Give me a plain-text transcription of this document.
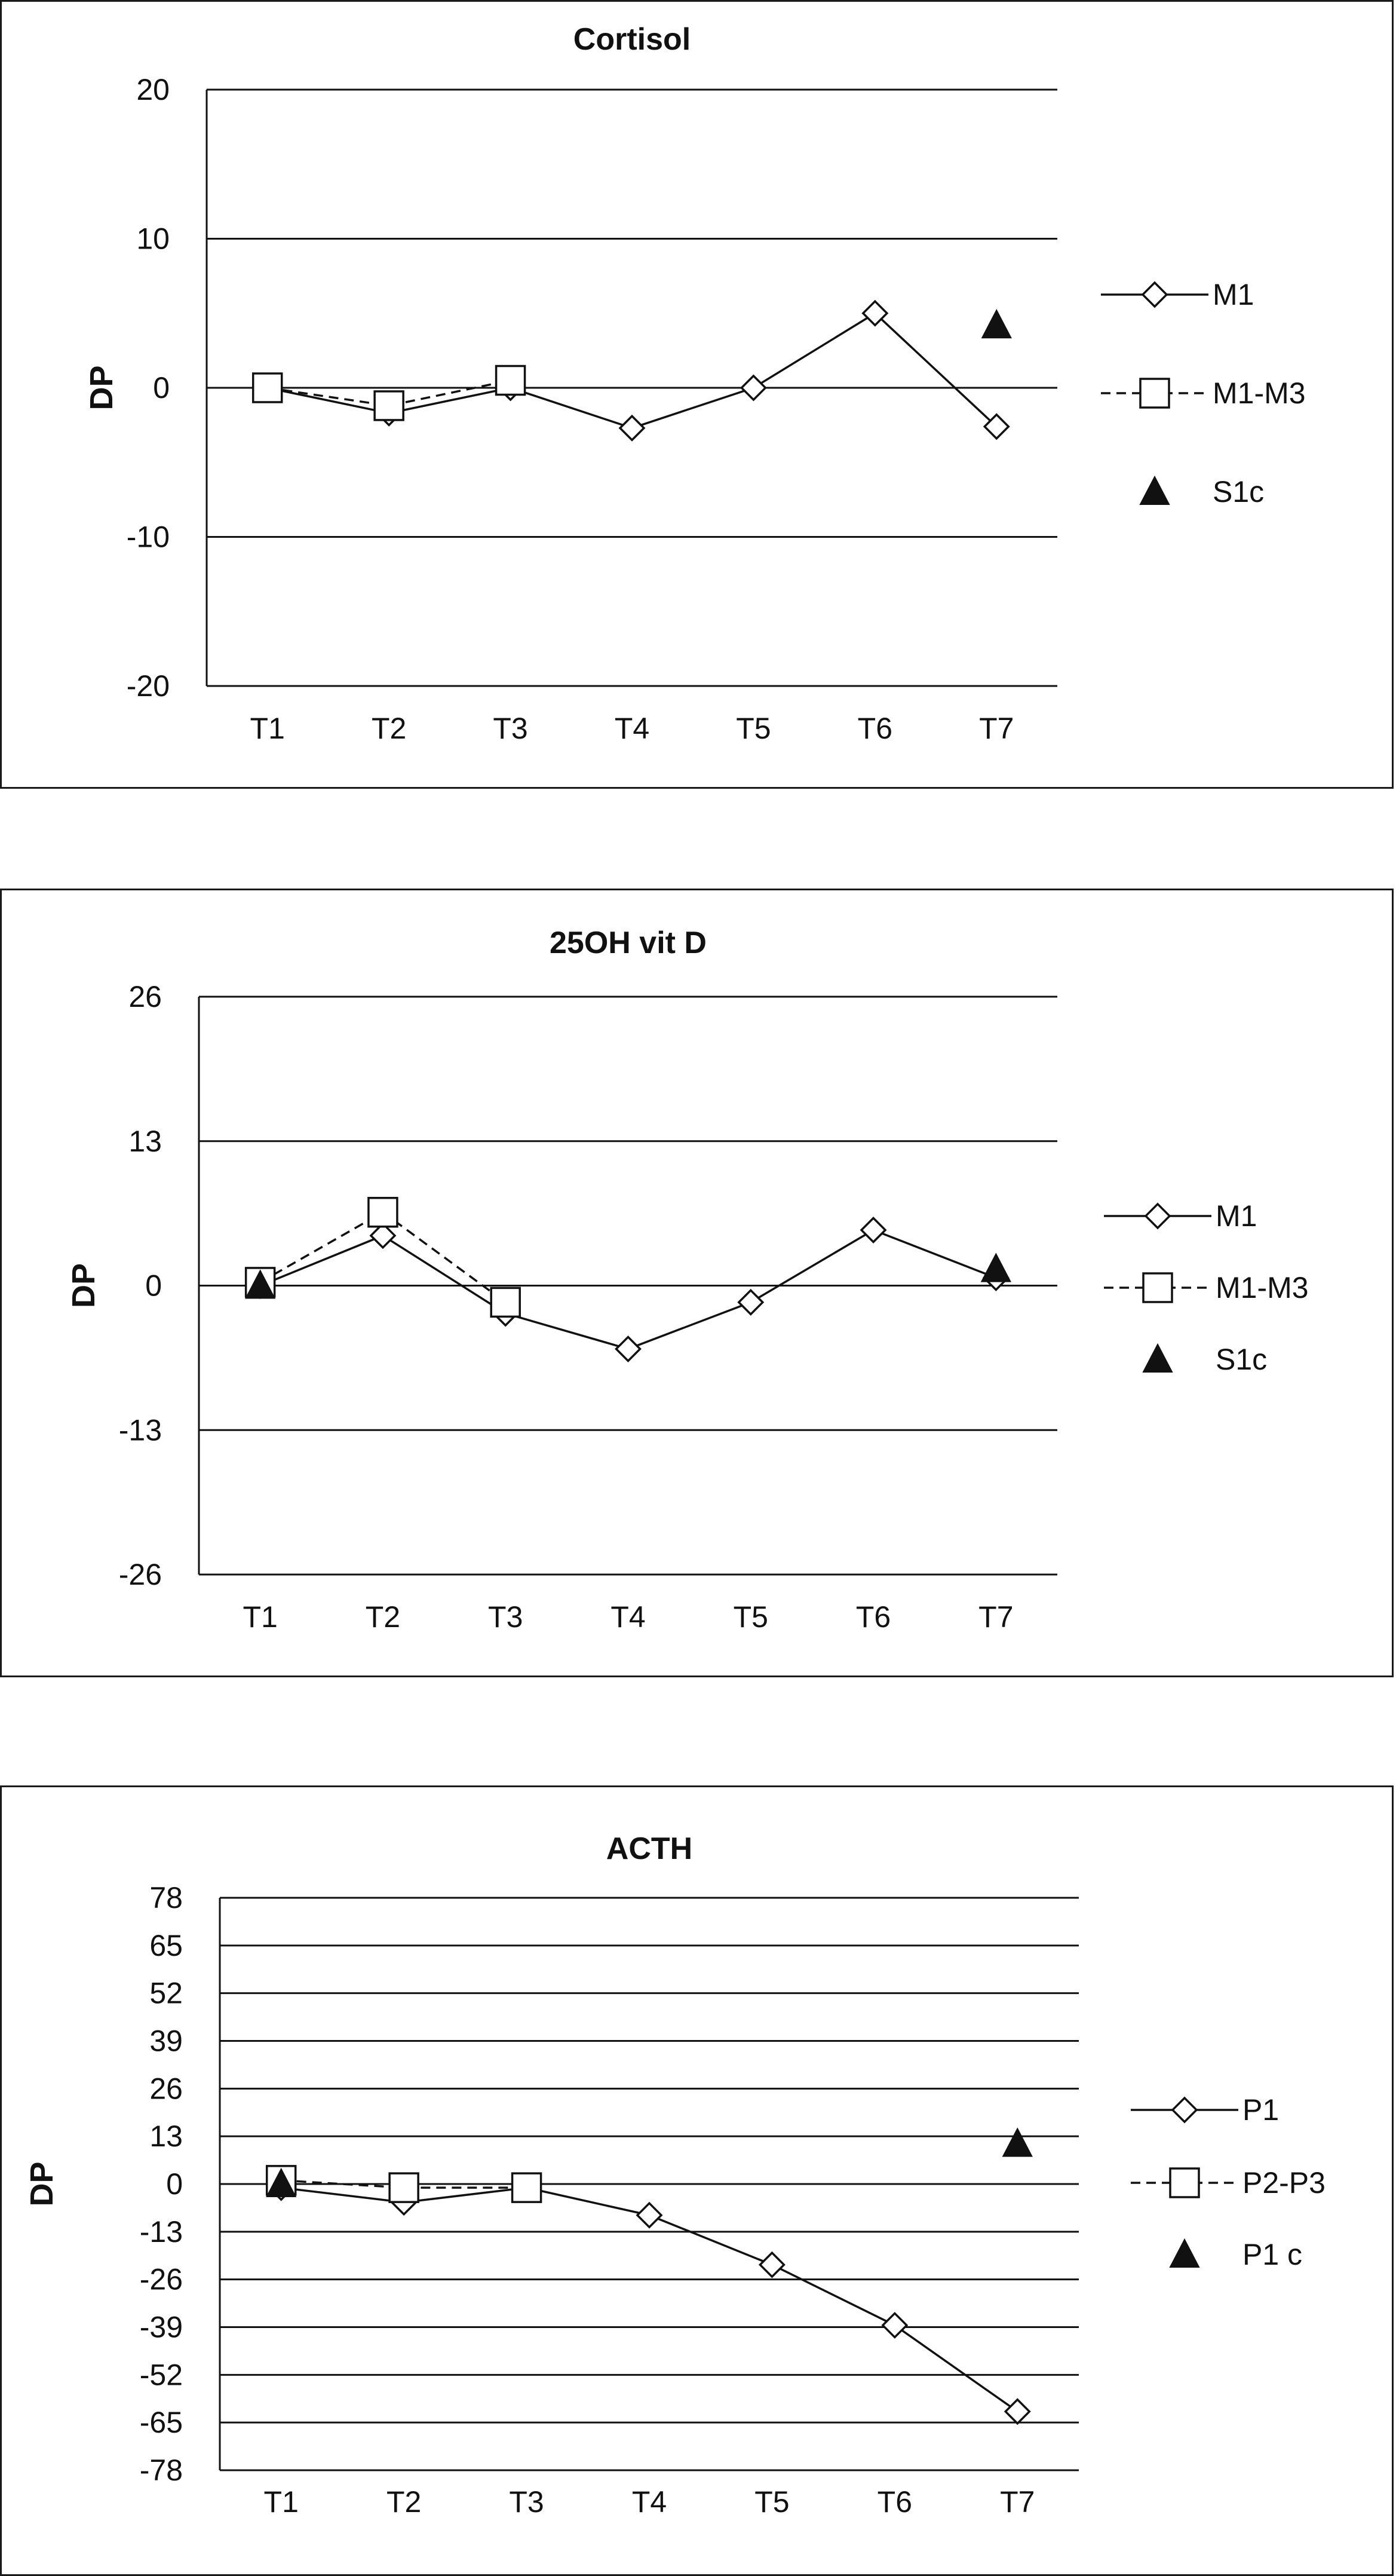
Cortisol
20
10
0
-10
-20
DP
T1	T2	T3	T4	T5	T6	T7
M1
M1-M3
S1c
25OH vit D
26
13
0
-13
-26
DP
T1	T2	T3	T4	T5	T6	T7
M1
M1-M3
S1c
ACTH
78
65
52
39
26
13
0
-13
-26
-39
-52
-65
-78
DP
T1	T2	T3	T4	T5	T6	T7
P1
P2-P3
P1 c
